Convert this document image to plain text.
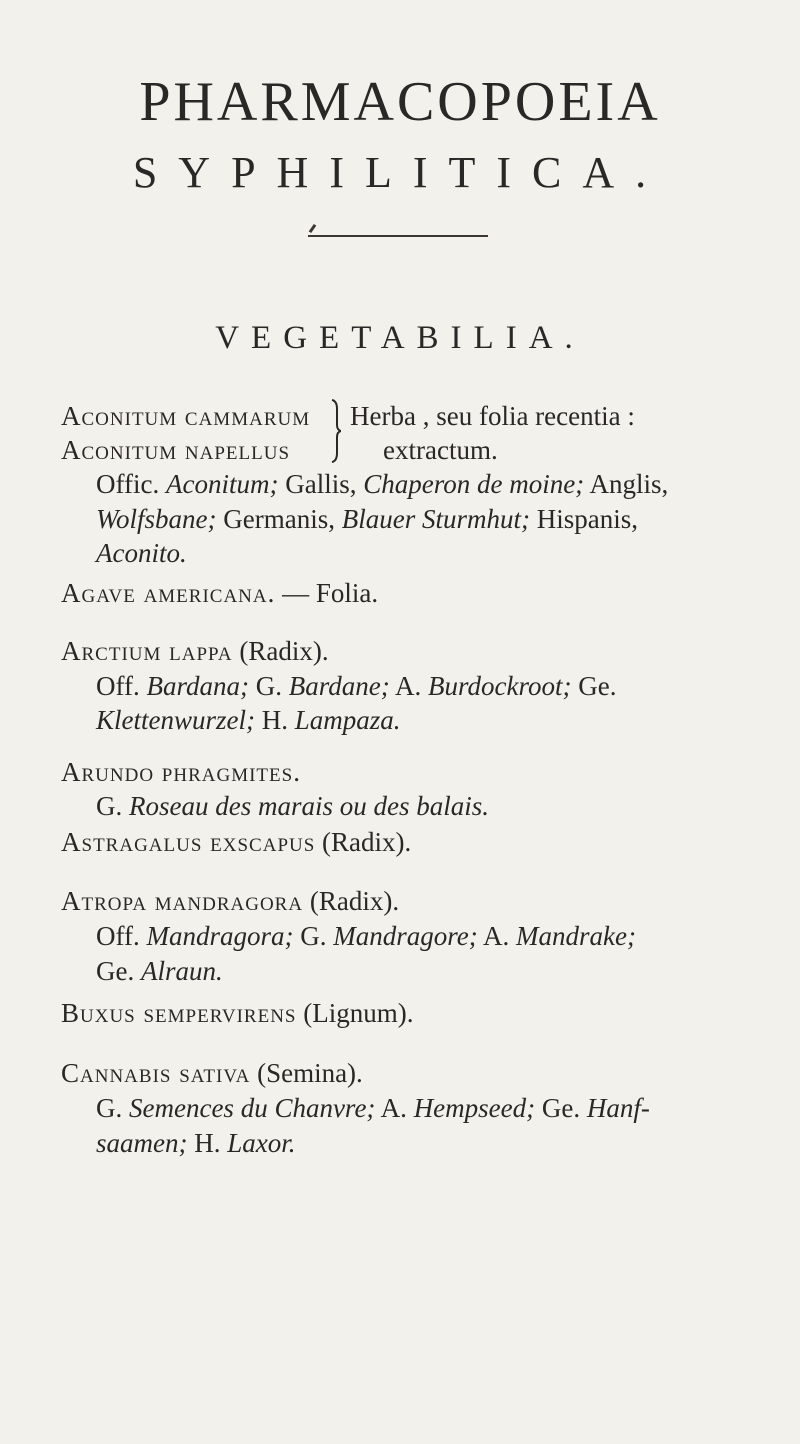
PHARMACOPOEIA
SYPHILITICA.
VEGETABILIA.
Aconitum cammarum
Aconitum napellus
Herba , seu folia recentia :
extractum.
Offic. Aconitum; Gallis, Chaperon de moine; Anglis,
Wolfsbane; Germanis, Blauer Sturmhut; Hispanis,
Aconito.
Agave americana. — Folia.
Arctium lappa (Radix).
Off. Bardana; G. Bardane; A. Burdockroot; Ge.
Klettenwurzel; H. Lampaza.
Arundo phragmites.
G. Roseau des marais ou des balais.
Astragalus exscapus (Radix).
Atropa mandragora (Radix).
Off. Mandragora; G. Mandragore; A. Mandrake;
Ge. Alraun.
Buxus sempervirens (Lignum).
Cannabis sativa (Semina).
G. Semences du Chanvre; A. Hempseed; Ge. Hanf-
saamen; H. Laxor.
